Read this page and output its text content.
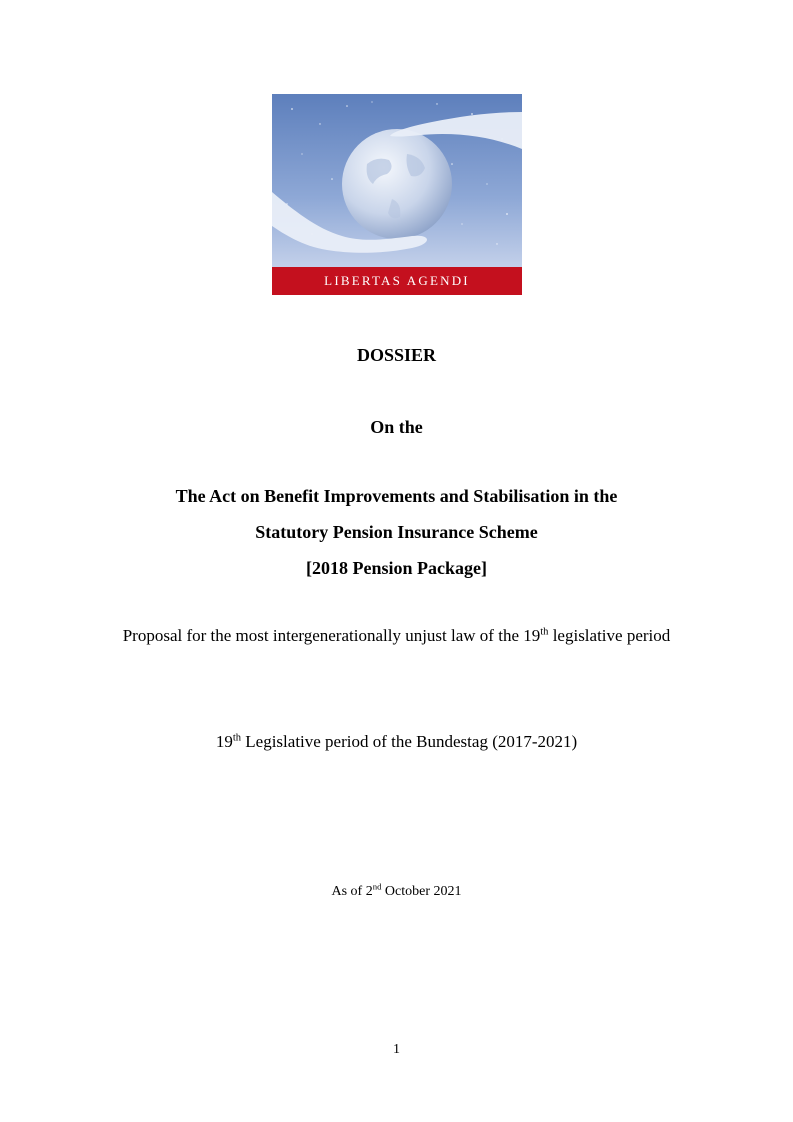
LIBERTAS AGENDI
DOSSIER
On the
The Act on Benefit Improvements and Stabilisation in the
Statutory Pension Insurance Scheme
[2018 Pension Package]
Proposal for the most intergenerationally unjust law of the 19th legislative period
19th Legislative period of the Bundestag (2017-2021)
As of 2nd October 2021
1
